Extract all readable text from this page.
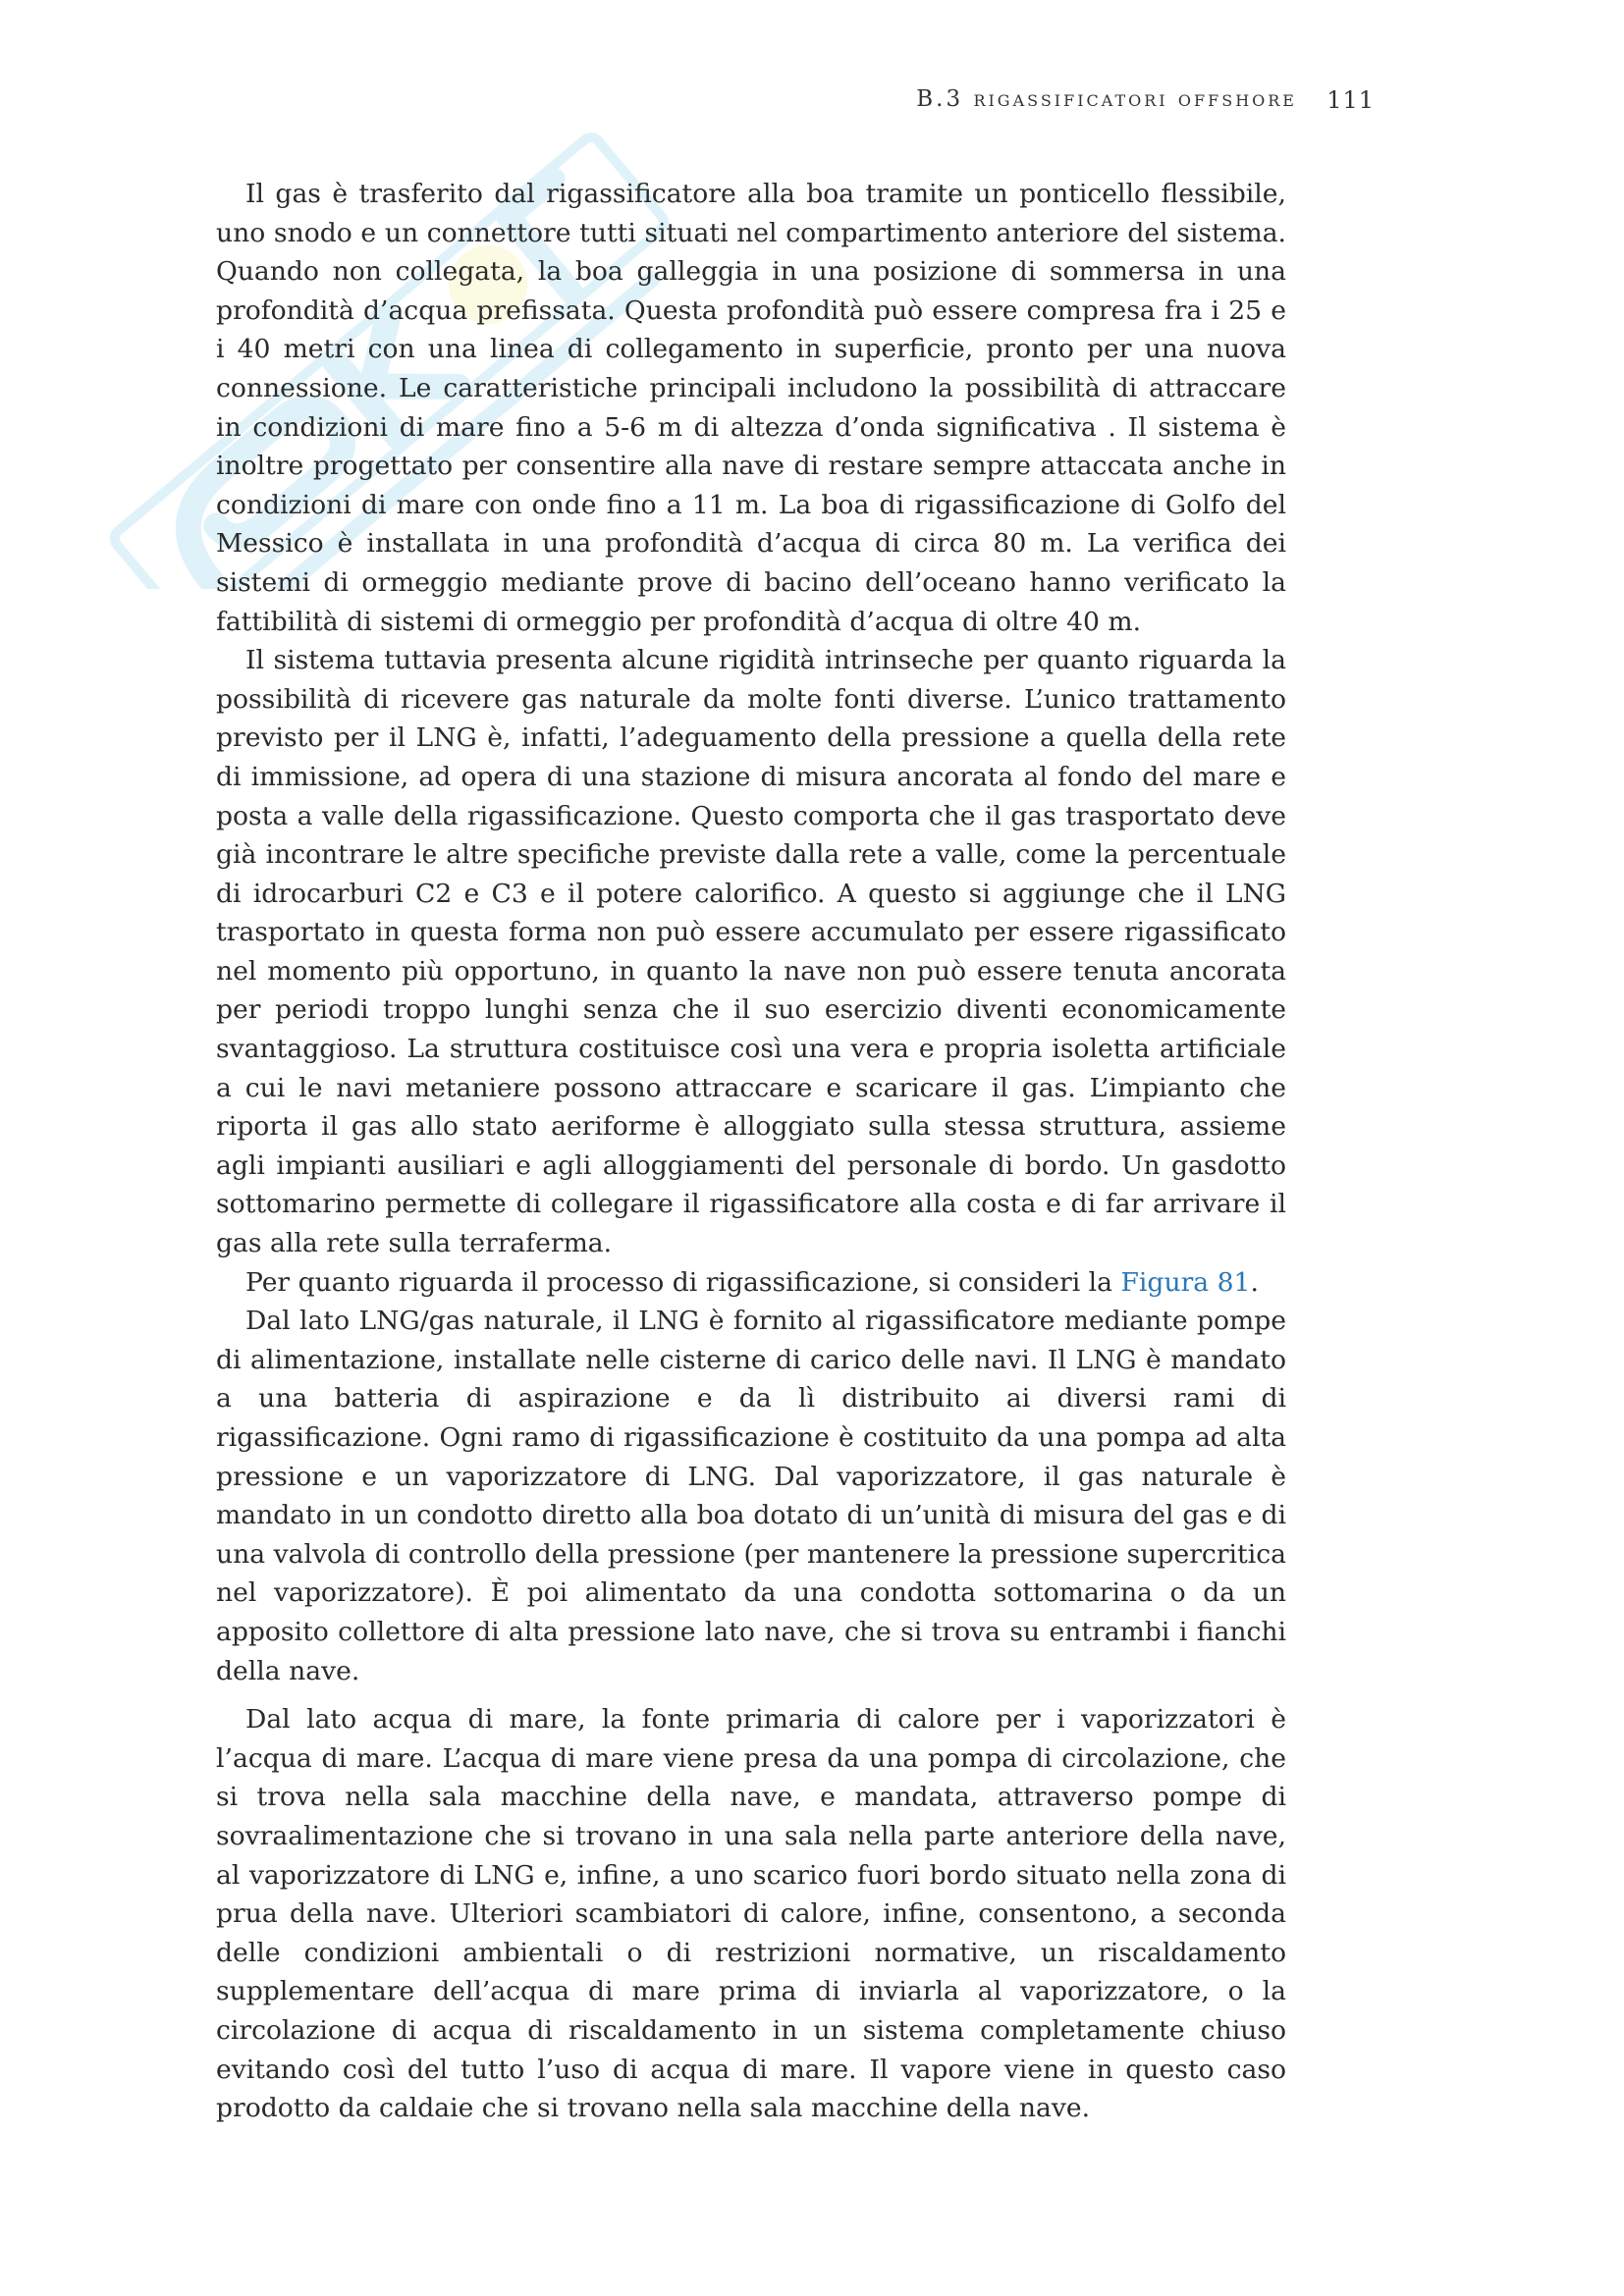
B.3 rigassificatori offshore 111

Il gas è trasferito dal rigassificatore alla boa tramite un ponticello flessibile, uno snodo e un connettore tutti situati nel compartimento anteriore del sistema. Quando non collegata, la boa galleggia in una posizione di sommersa in una profondità d’acqua prefissata. Questa profondità può essere compresa fra i 25 e i 40 metri con una linea di collegamento in superficie, pronto per una nuova connessione. Le caratteristiche principali includono la possibilità di attraccare in condizioni di mare fino a 5-6 m di altezza d’onda significativa . Il sistema è inoltre progettato per consentire alla nave di restare sempre attaccata anche in condizioni di mare con onde fino a 11 m. La boa di rigassificazione di Golfo del Messico è installata in una profondità d’acqua di circa 80 m. La verifica dei sistemi di ormeggio mediante prove di bacino dell’oceano hanno verificato la fattibilità di sistemi di ormeggio per profondità d’acqua di oltre 40 m.

Il sistema tuttavia presenta alcune rigidità intrinseche per quanto riguarda la possibilità di ricevere gas naturale da molte fonti diverse. L’unico trattamento previsto per il LNG è, infatti, l’adeguamento della pressione a quella della rete di immissione, ad opera di una stazione di misura ancorata al fondo del mare e posta a valle della rigassificazione. Questo comporta che il gas trasportato deve già incontrare le altre specifiche previste dalla rete a valle, come la percentuale di idrocarburi C2 e C3 e il potere calorifico. A questo si aggiunge che il LNG trasportato in questa forma non può essere accumulato per essere rigassificato nel momento più opportuno, in quanto la nave non può essere tenuta ancorata per periodi troppo lunghi senza che il suo esercizio diventi economicamente svantaggioso. La struttura costituisce così una vera e propria isoletta artificiale a cui le navi metaniere possono attraccare e scaricare il gas. L’impianto che riporta il gas allo stato aeriforme è alloggiato sulla stessa struttura, assieme agli impianti ausiliari e agli alloggiamenti del personale di bordo. Un gasdotto sottomarino permette di collegare il rigassificatore alla costa e di far arrivare il gas alla rete sulla terraferma.

Per quanto riguarda il processo di rigassificazione, si consideri la Figura 81.

Dal lato LNG/gas naturale, il LNG è fornito al rigassificatore mediante pompe di alimentazione, installate nelle cisterne di carico delle navi. Il LNG è mandato a una batteria di aspirazione e da lì distribuito ai diversi rami di rigassificazione. Ogni ramo di rigassificazione è costituito da una pompa ad alta pressione e un vaporizzatore di LNG. Dal vaporizzatore, il gas naturale è mandato in un condotto diretto alla boa dotato di un’unità di misura del gas e di una valvola di controllo della pressione (per mantenere la pressione supercritica nel vaporizzatore). È poi alimentato da una condotta sottomarina o da un apposito collettore di alta pressione lato nave, che si trova su entrambi i fianchi della nave.

Dal lato acqua di mare, la fonte primaria di calore per i vaporizzatori è l’acqua di mare. L’acqua di mare viene presa da una pompa di circolazione, che si trova nella sala macchine della nave, e mandata, attraverso pompe di sovraalimentazione che si trovano in una sala nella parte anteriore della nave, al vaporizzatore di LNG e, infine, a uno scarico fuori bordo situato nella zona di prua della nave. Ulteriori scambiatori di calore, infine, consentono, a seconda delle condizioni ambientali o di restrizioni normative, un riscaldamento supplementare dell’acqua di mare prima di inviarla al vaporizzatore, o la circolazione di acqua di riscaldamento in un sistema completamente chiuso evitando così del tutto l’uso di acqua di mare. Il vapore viene in questo caso prodotto da caldaie che si trovano nella sala macchine della nave.
